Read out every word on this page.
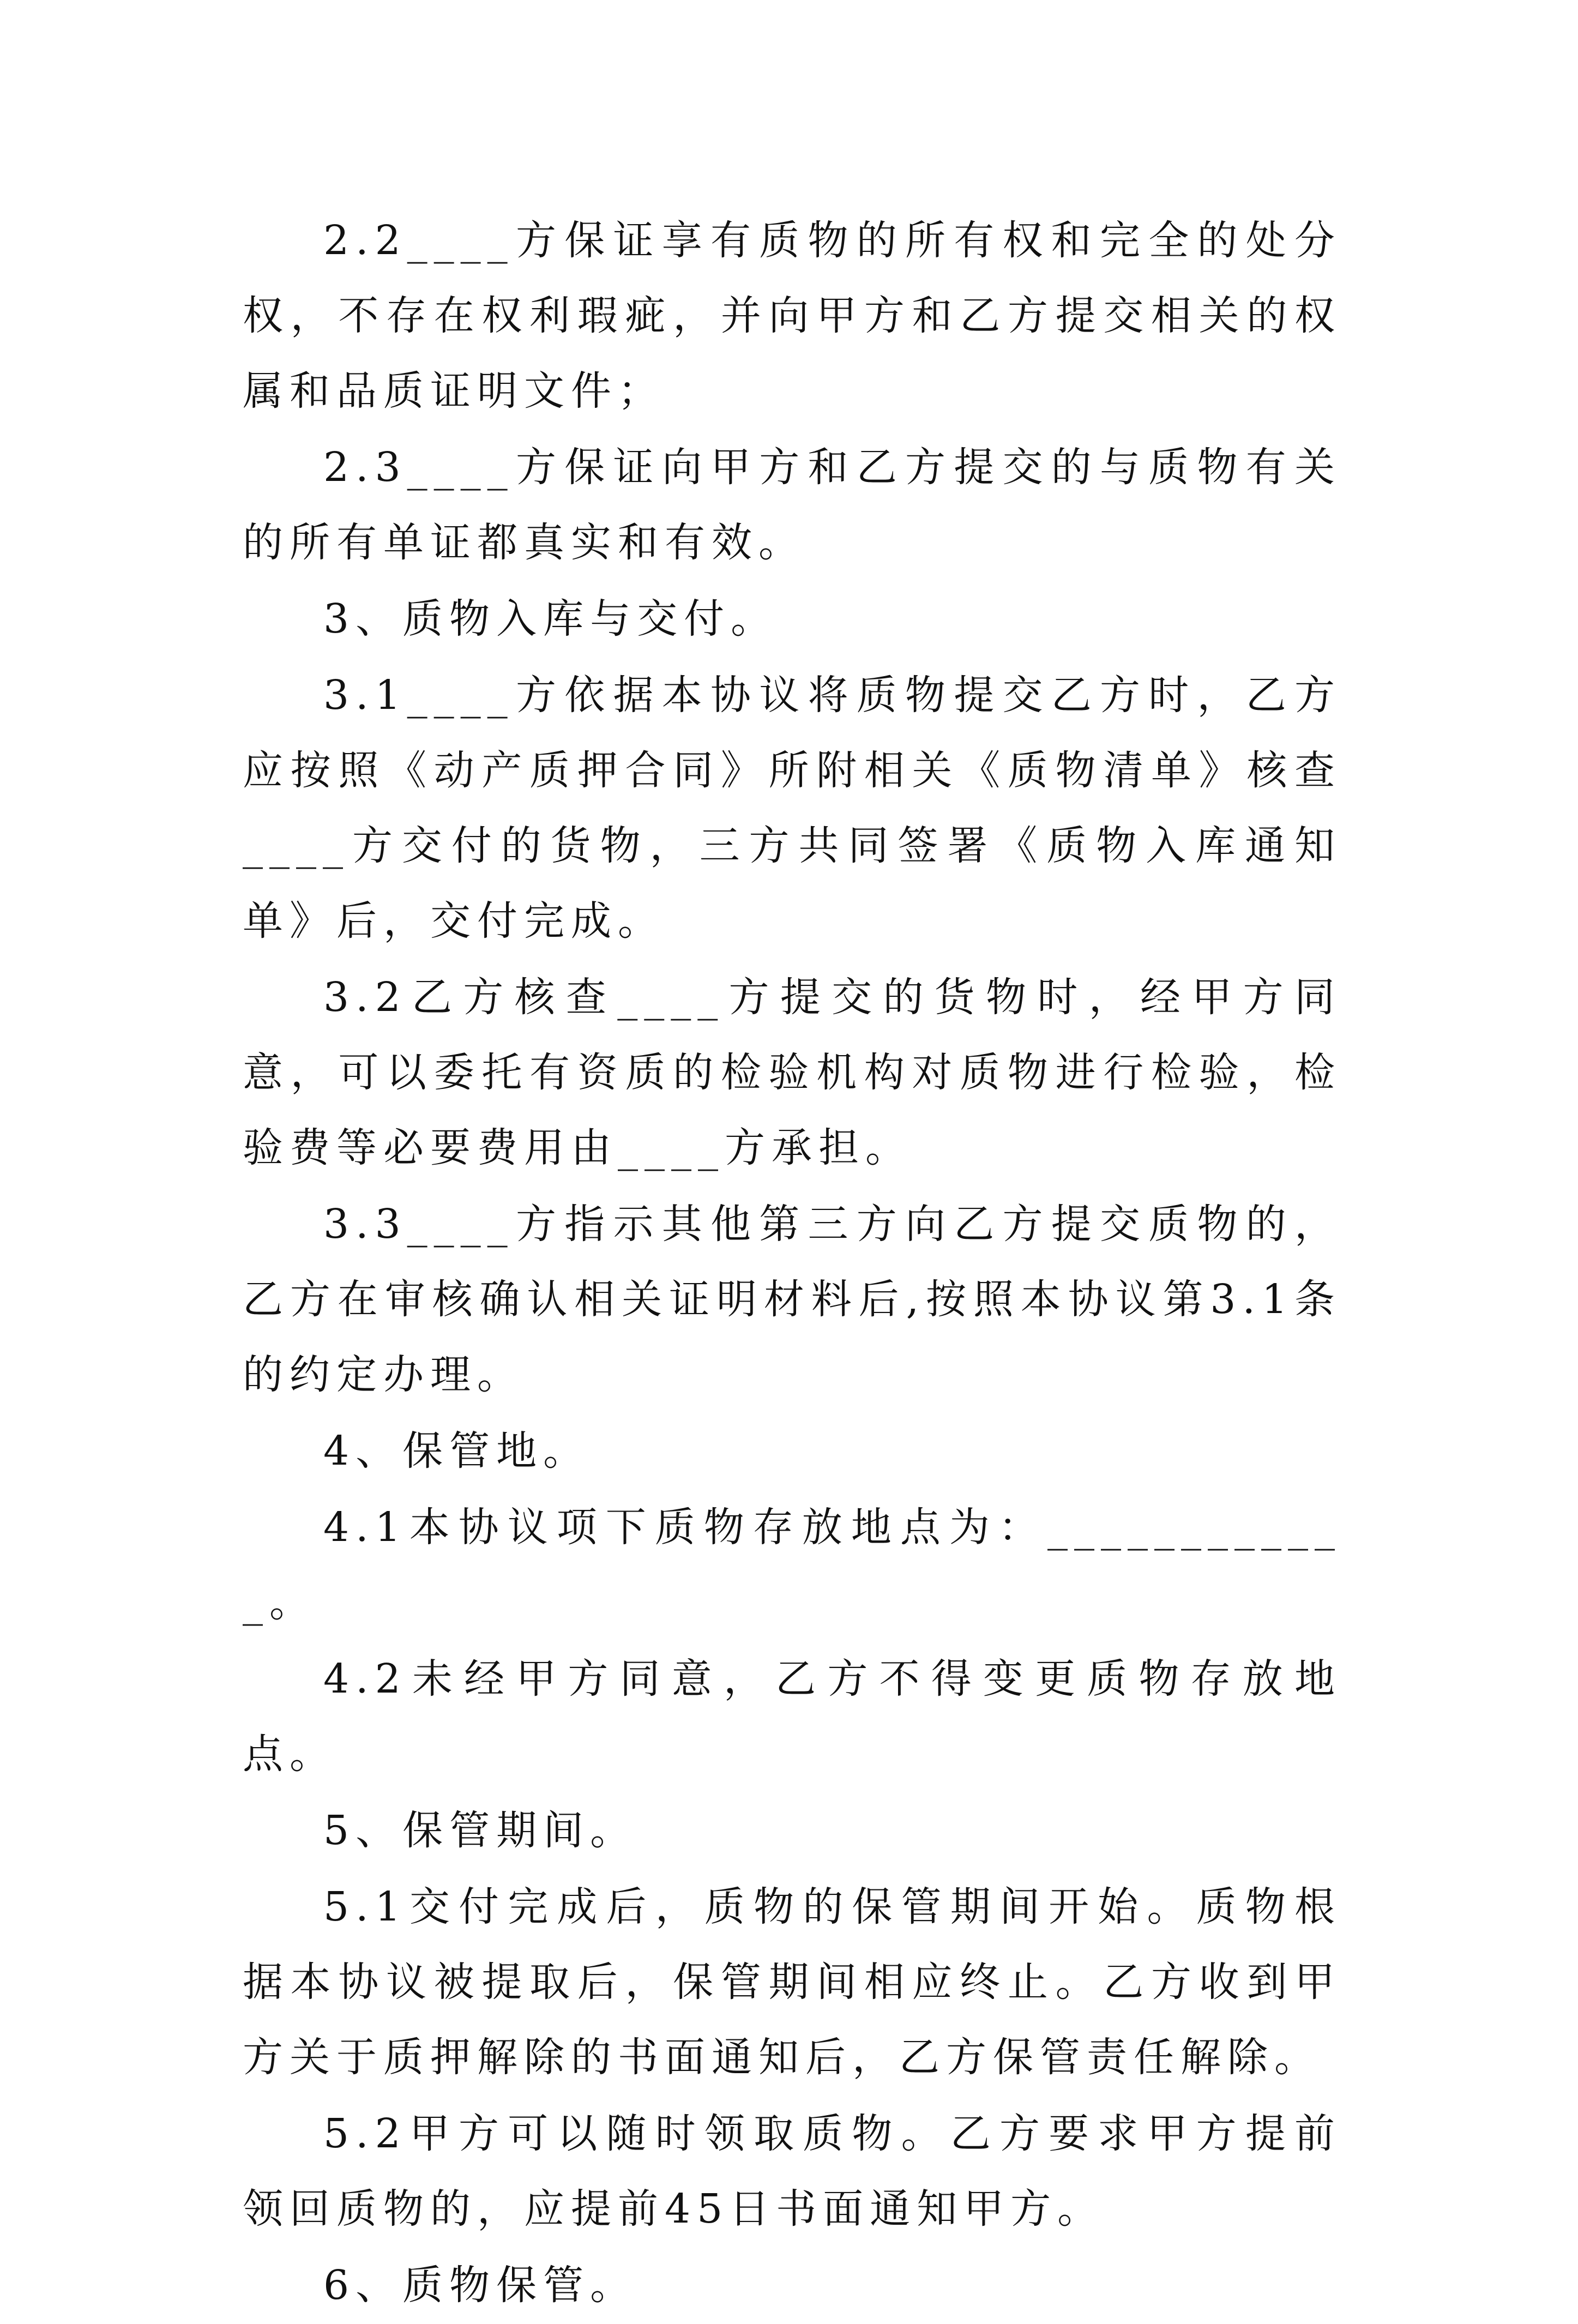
2.2____方保证享有质物的所有权和完全的处分权，不存在权利瑕疵，并向甲方和乙方提交相关的权属和品质证明文件；

2.3____方保证向甲方和乙方提交的与质物有关的所有单证都真实和有效。

3、质物入库与交付。

3.1____方依据本协议将质物提交乙方时，乙方应按照《动产质押合同》所附相关《质物清单》核查____方交付的货物，三方共同签署《质物入库通知单》后，交付完成。

3.2乙方核查____方提交的货物时，经甲方同意，可以委托有资质的检验机构对质物进行检验，检验费等必要费用由____方承担。

3.3____方指示其他第三方向乙方提交质物的，乙方在审核确认相关证明材料后,按照本协议第3.1条的约定办理。

4、保管地。

4.1本协议项下质物存放地点为：____________。

4.2未经甲方同意，乙方不得变更质物存放地点。

5、保管期间。

5.1交付完成后，质物的保管期间开始。质物根据本协议被提取后，保管期间相应终止。乙方收到甲方关于质押解除的书面通知后，乙方保管责任解除。

5.2甲方可以随时领取质物。乙方要求甲方提前领回质物的，应提前45日书面通知甲方。

6、质物保管。
